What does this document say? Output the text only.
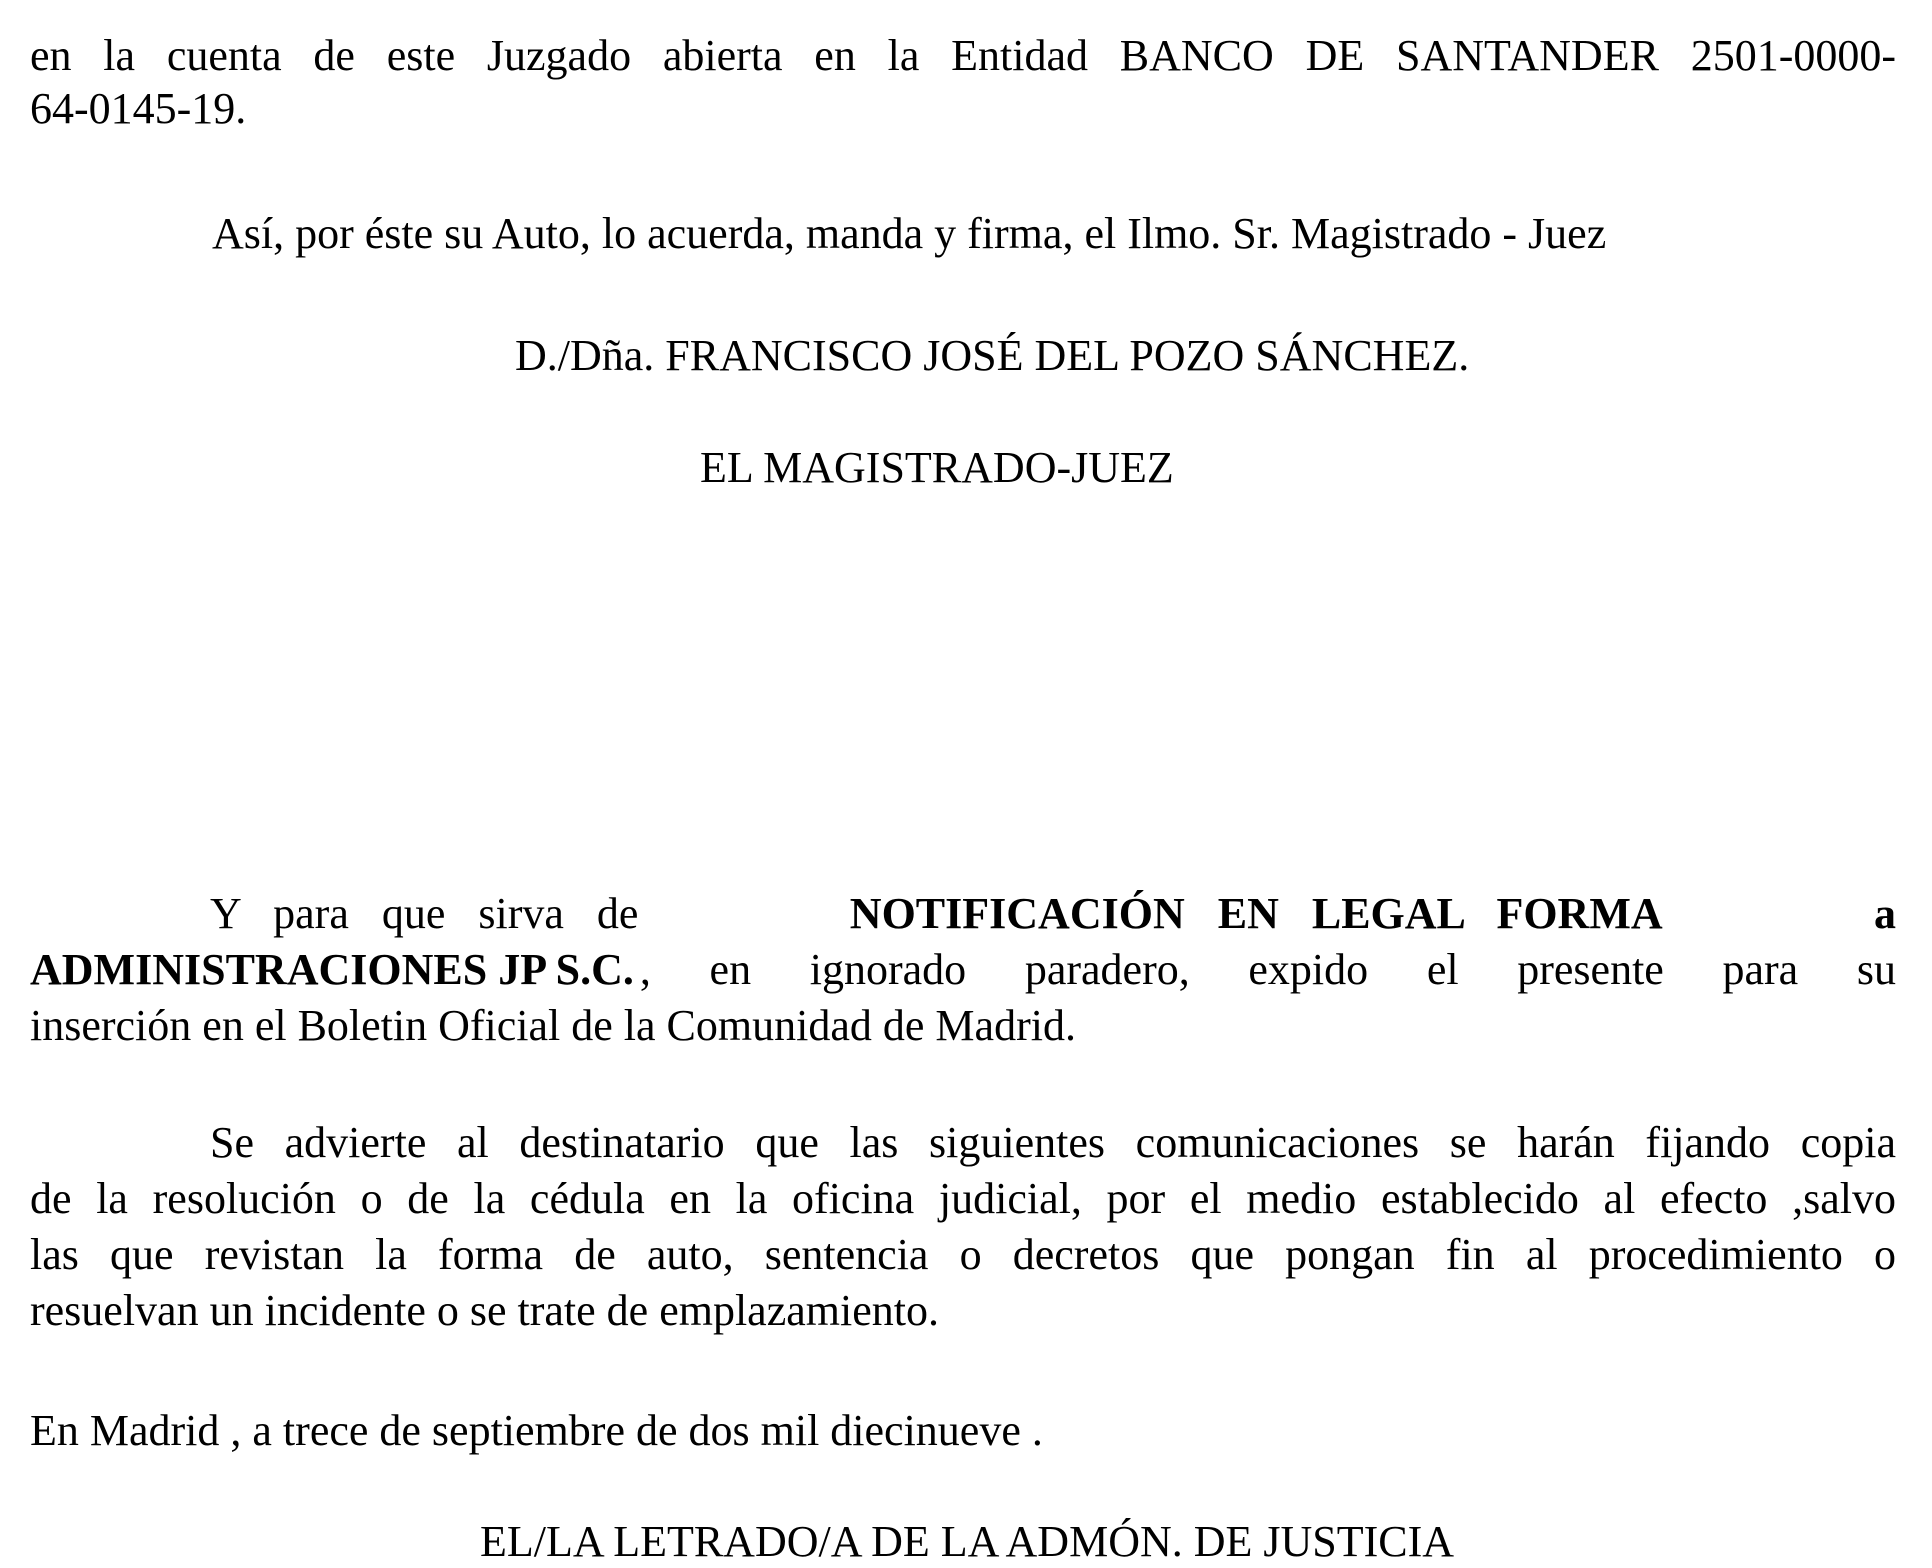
en la cuenta de este Juzgado abierta en la Entidad BANCO DE SANTANDER 2501-0000-
64-0145-19.
Así, por éste su Auto, lo acuerda, manda y firma, el Ilmo. Sr. Magistrado - Juez
D./Dña. FRANCISCO JOSÉ DEL POZO SÁNCHEZ.
EL MAGISTRADO-JUEZ
Y   para   que   sirva   de	NOTIFICACIÓN   EN   LEGAL   FORMA	a
ADMINISTRACIONES JP S.C. , en ignorado paradero, expido el presente para su
inserción en el Boletin Oficial de la Comunidad de Madrid.
Se advierte al destinatario que las siguientes comunicaciones se harán fijando copia
de la resolución o de la cédula en la oficina judicial, por el medio establecido al efecto ,salvo
las que revistan la forma de auto, sentencia o decretos que pongan fin al procedimiento o
resuelvan un incidente o se trate de emplazamiento.
En Madrid , a trece de septiembre de dos mil diecinueve .
EL/LA LETRADO/A DE LA ADMÓN. DE JUSTICIA
